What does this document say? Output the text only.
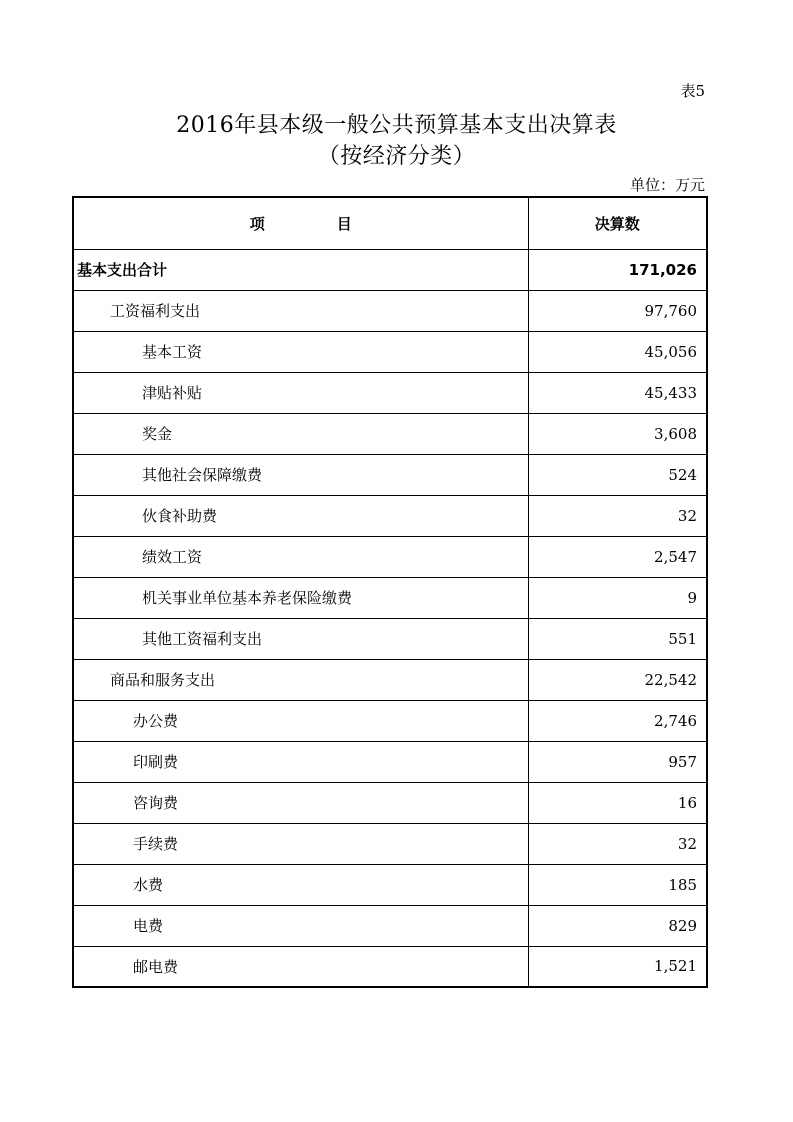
表5
2016年县本级一般公共预算基本支出决算表
（按经济分类）
单位：万元
项 目	决算数
基本支出合计	171,026
工资福利支出	97,760
基本工资	45,056
津贴补贴	45,433
奖金	3,608
其他社会保障缴费	524
伙食补助费	32
绩效工资	2,547
机关事业单位基本养老保险缴费	9
其他工资福利支出	551
商品和服务支出	22,542
办公费	2,746
印刷费	957
咨询费	16
手续费	32
水费	185
电费	829
邮电费	1,521
